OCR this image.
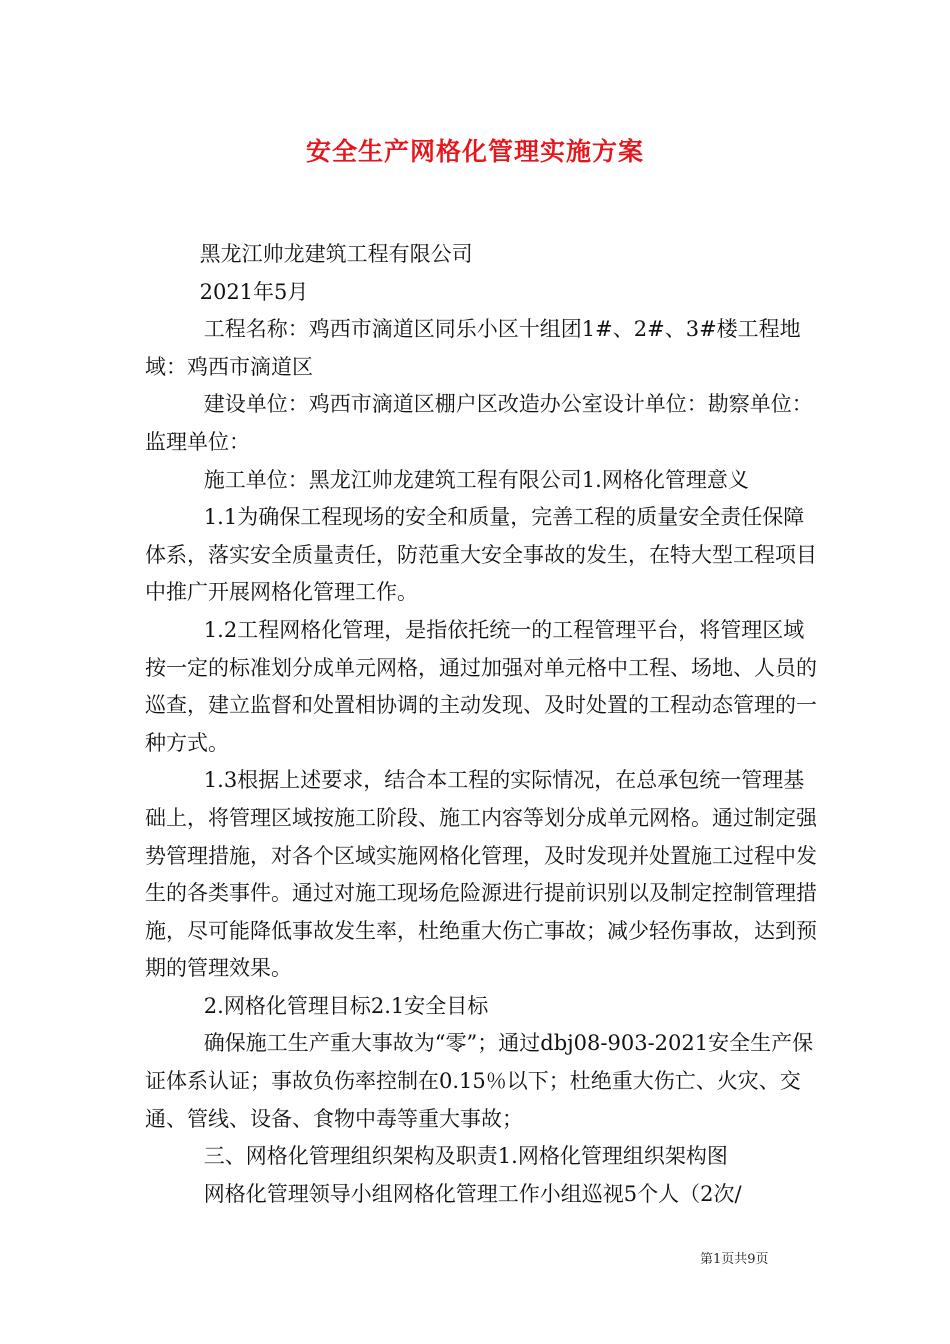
安全生产网格化管理实施方案

黑龙江帅龙建筑工程有限公司

2021年5月

工程名称：鸡西市滴道区同乐小区十组团1#、2#、3#楼工程地域：鸡西市滴道区

建设单位：鸡西市滴道区棚户区改造办公室设计单位：勘察单位：监理单位：

施工单位：黑龙江帅龙建筑工程有限公司1.网格化管理意义

1.1为确保工程现场的安全和质量，完善工程的质量安全责任保障体系，落实安全质量责任，防范重大安全事故的发生，在特大型工程项目中推广开展网格化管理工作。

1.2工程网格化管理，是指依托统一的工程管理平台，将管理区域按一定的标准划分成单元网格，通过加强对单元格中工程、场地、人员的巡查，建立监督和处置相协调的主动发现、及时处置的工程动态管理的一种方式。

1.3根据上述要求，结合本工程的实际情况，在总承包统一管理基础上，将管理区域按施工阶段、施工内容等划分成单元网格。通过制定强势管理措施，对各个区域实施网格化管理，及时发现并处置施工过程中发生的各类事件。通过对施工现场危险源进行提前识别以及制定控制管理措施，尽可能降低事故发生率，杜绝重大伤亡事故；减少轻伤事故，达到预期的管理效果。

2.网格化管理目标2.1安全目标

确保施工生产重大事故为“零”；通过dbj08-903-2021安全生产保证体系认证；事故负伤率控制在0.15％以下；杜绝重大伤亡、火灾、交通、管线、设备、食物中毒等重大事故；

三、网格化管理组织架构及职责1.网格化管理组织架构图

网格化管理领导小组网格化管理工作小组巡视5个人（2次/

第1页共9页
